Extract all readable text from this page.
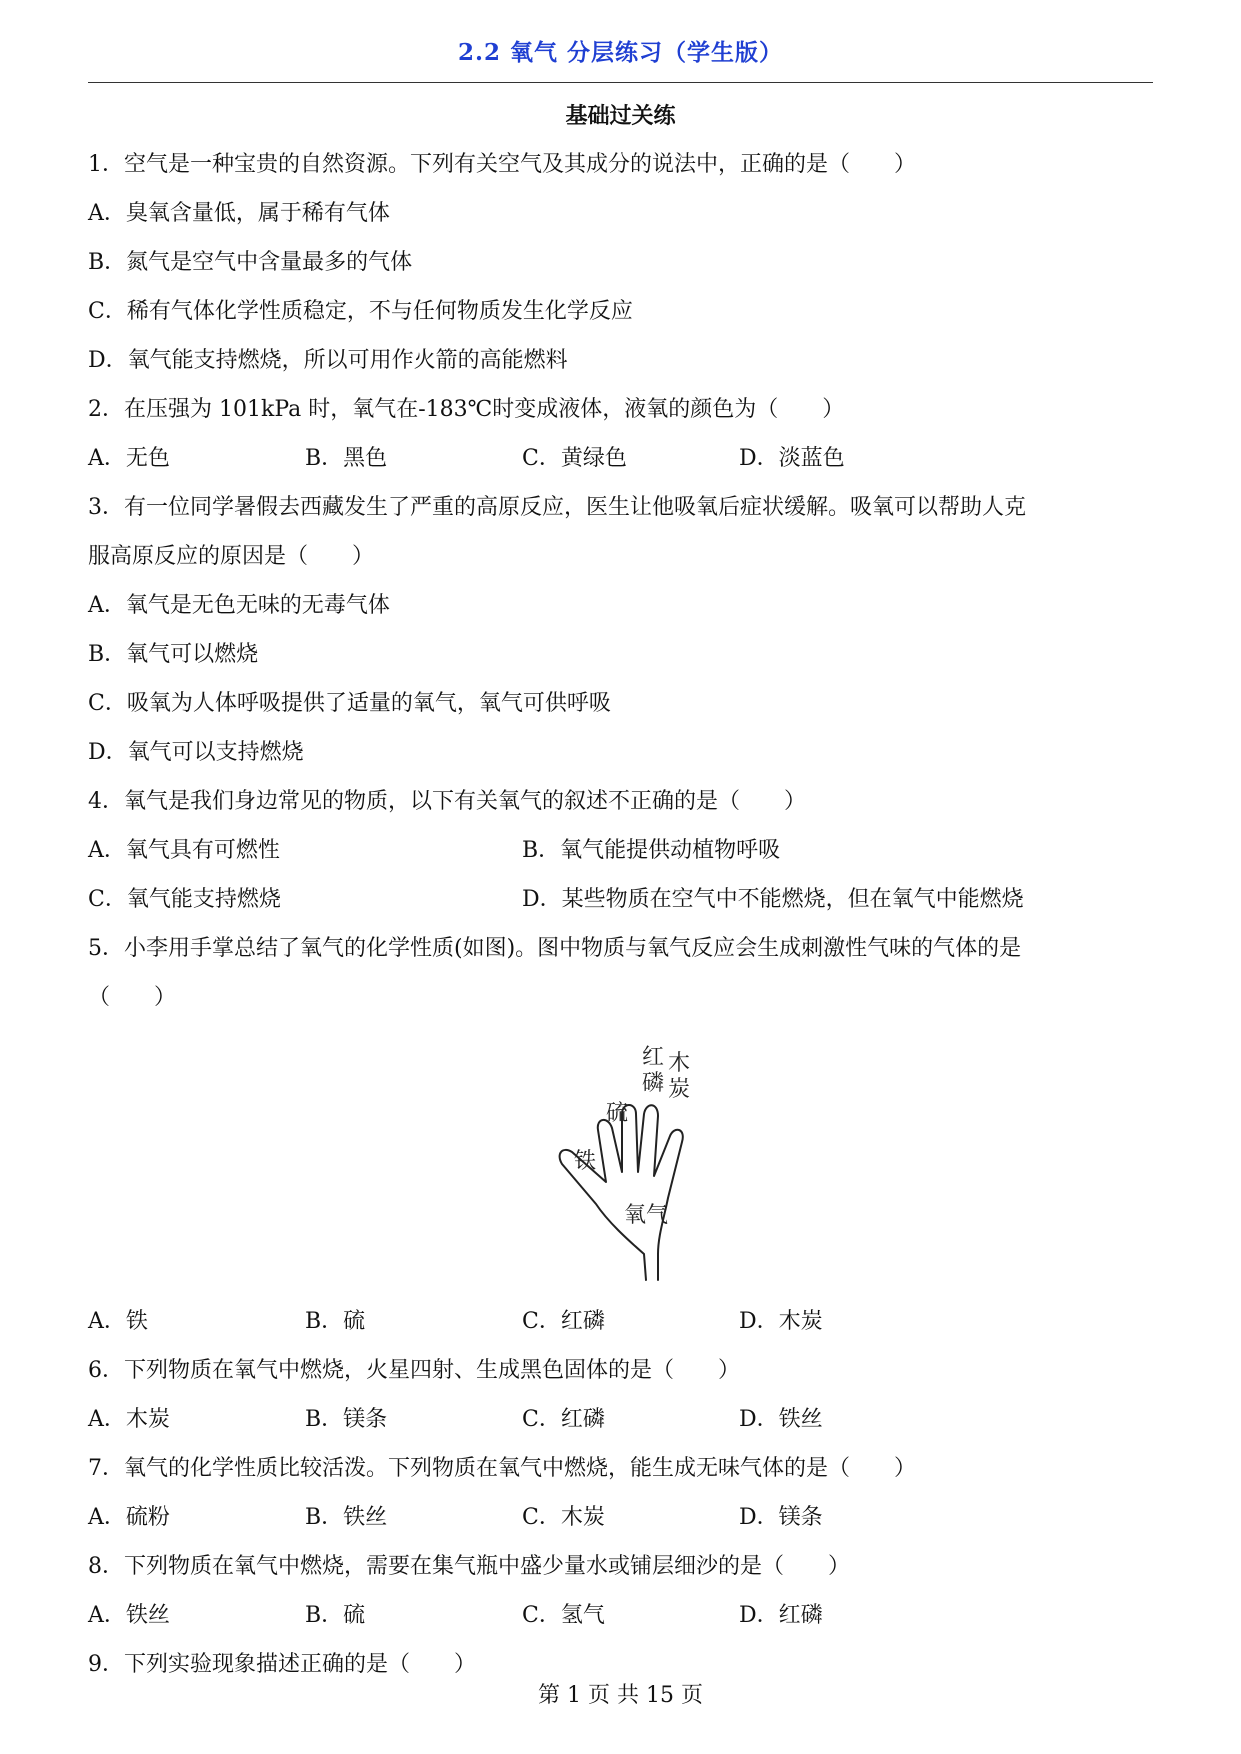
2.2 氧气 分层练习（学生版）
基础过关练
1．空气是一种宝贵的自然资源。下列有关空气及其成分的说法中，正确的是（　　）
A．臭氧含量低，属于稀有气体
B．氮气是空气中含量最多的气体
C．稀有气体化学性质稳定，不与任何物质发生化学反应
D．氧气能支持燃烧，所以可用作火箭的高能燃料
2．在压强为 101kPa 时，氧气在-183℃时变成液体，液氧的颜色为（　　）
A．无色	B．黑色	C．黄绿色	D．淡蓝色
3．有一位同学暑假去西藏发生了严重的高原反应，医生让他吸氧后症状缓解。吸氧可以帮助人克
服高原反应的原因是（　　）
A．氧气是无色无味的无毒气体
B．氧气可以燃烧
C．吸氧为人体呼吸提供了适量的氧气，氧气可供呼吸
D．氧气可以支持燃烧
4．氧气是我们身边常见的物质，以下有关氧气的叙述不正确的是（　　）
A．氧气具有可燃性	B．氧气能提供动植物呼吸
C．氧气能支持燃烧	D．某些物质在空气中不能燃烧，但在氧气中能燃烧
5．小李用手掌总结了氧气的化学性质(如图)。图中物质与氧气反应会生成刺激性气味的气体的是
（　　）
红
磷
木
炭
硫
铁
氧气
A．铁	B．硫	C．红磷	D．木炭
6．下列物质在氧气中燃烧，火星四射、生成黑色固体的是（　　）
A．木炭	B．镁条	C．红磷	D．铁丝
7．氧气的化学性质比较活泼。下列物质在氧气中燃烧，能生成无味气体的是（　　）
A．硫粉	B．铁丝	C．木炭	D．镁条
8．下列物质在氧气中燃烧，需要在集气瓶中盛少量水或铺层细沙的是（　　）
A．铁丝	B．硫	C．氢气	D．红磷
9．下列实验现象描述正确的是（　　）
第 1 页 共 15 页
